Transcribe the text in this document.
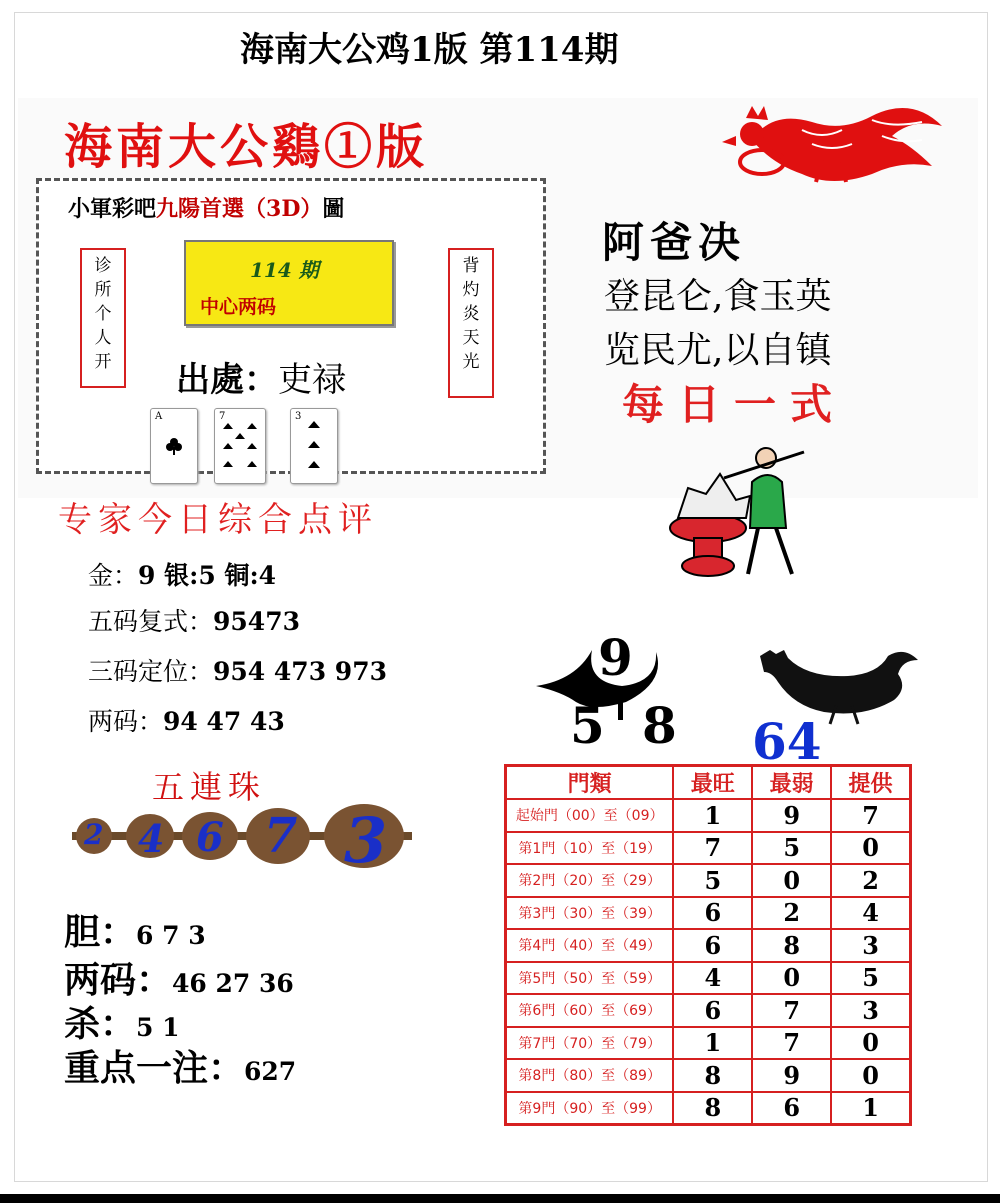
海南大公鸡1版 第114期
海南大公鷄①版
小軍彩吧九陽首選（3D）圖
诊
所
个
人
开
背
灼
炎
天
光
114 期
中心两码
出處：吏禄
A	7	3
阿爸决
登昆仑,食玉英
览民尤,以自镇
每日一式
专家今日综合点评
金：9 银:5 铜:4
五码复式：95473
三码定位：954 473 973
两码：94 47 43
9
5 8 64
五連珠
2 4 6 7 3
胆：6 7 3
两码：46 27 36
杀：5 1
重点一注：627
門類	最旺	最弱	提供
起始門（00）至（09）	1	9	7
第1門（10）至（19）	7	5	0
第2門（20）至（29）	5	0	2
第3門（30）至（39）	6	2	4
第4門（40）至（49）	6	8	3
第5門（50）至（59）	4	0	5
第6門（60）至（69）	6	7	3
第7門（70）至（79）	1	7	0
第8門（80）至（89）	8	9	0
第9門（90）至（99）	8	6	1
